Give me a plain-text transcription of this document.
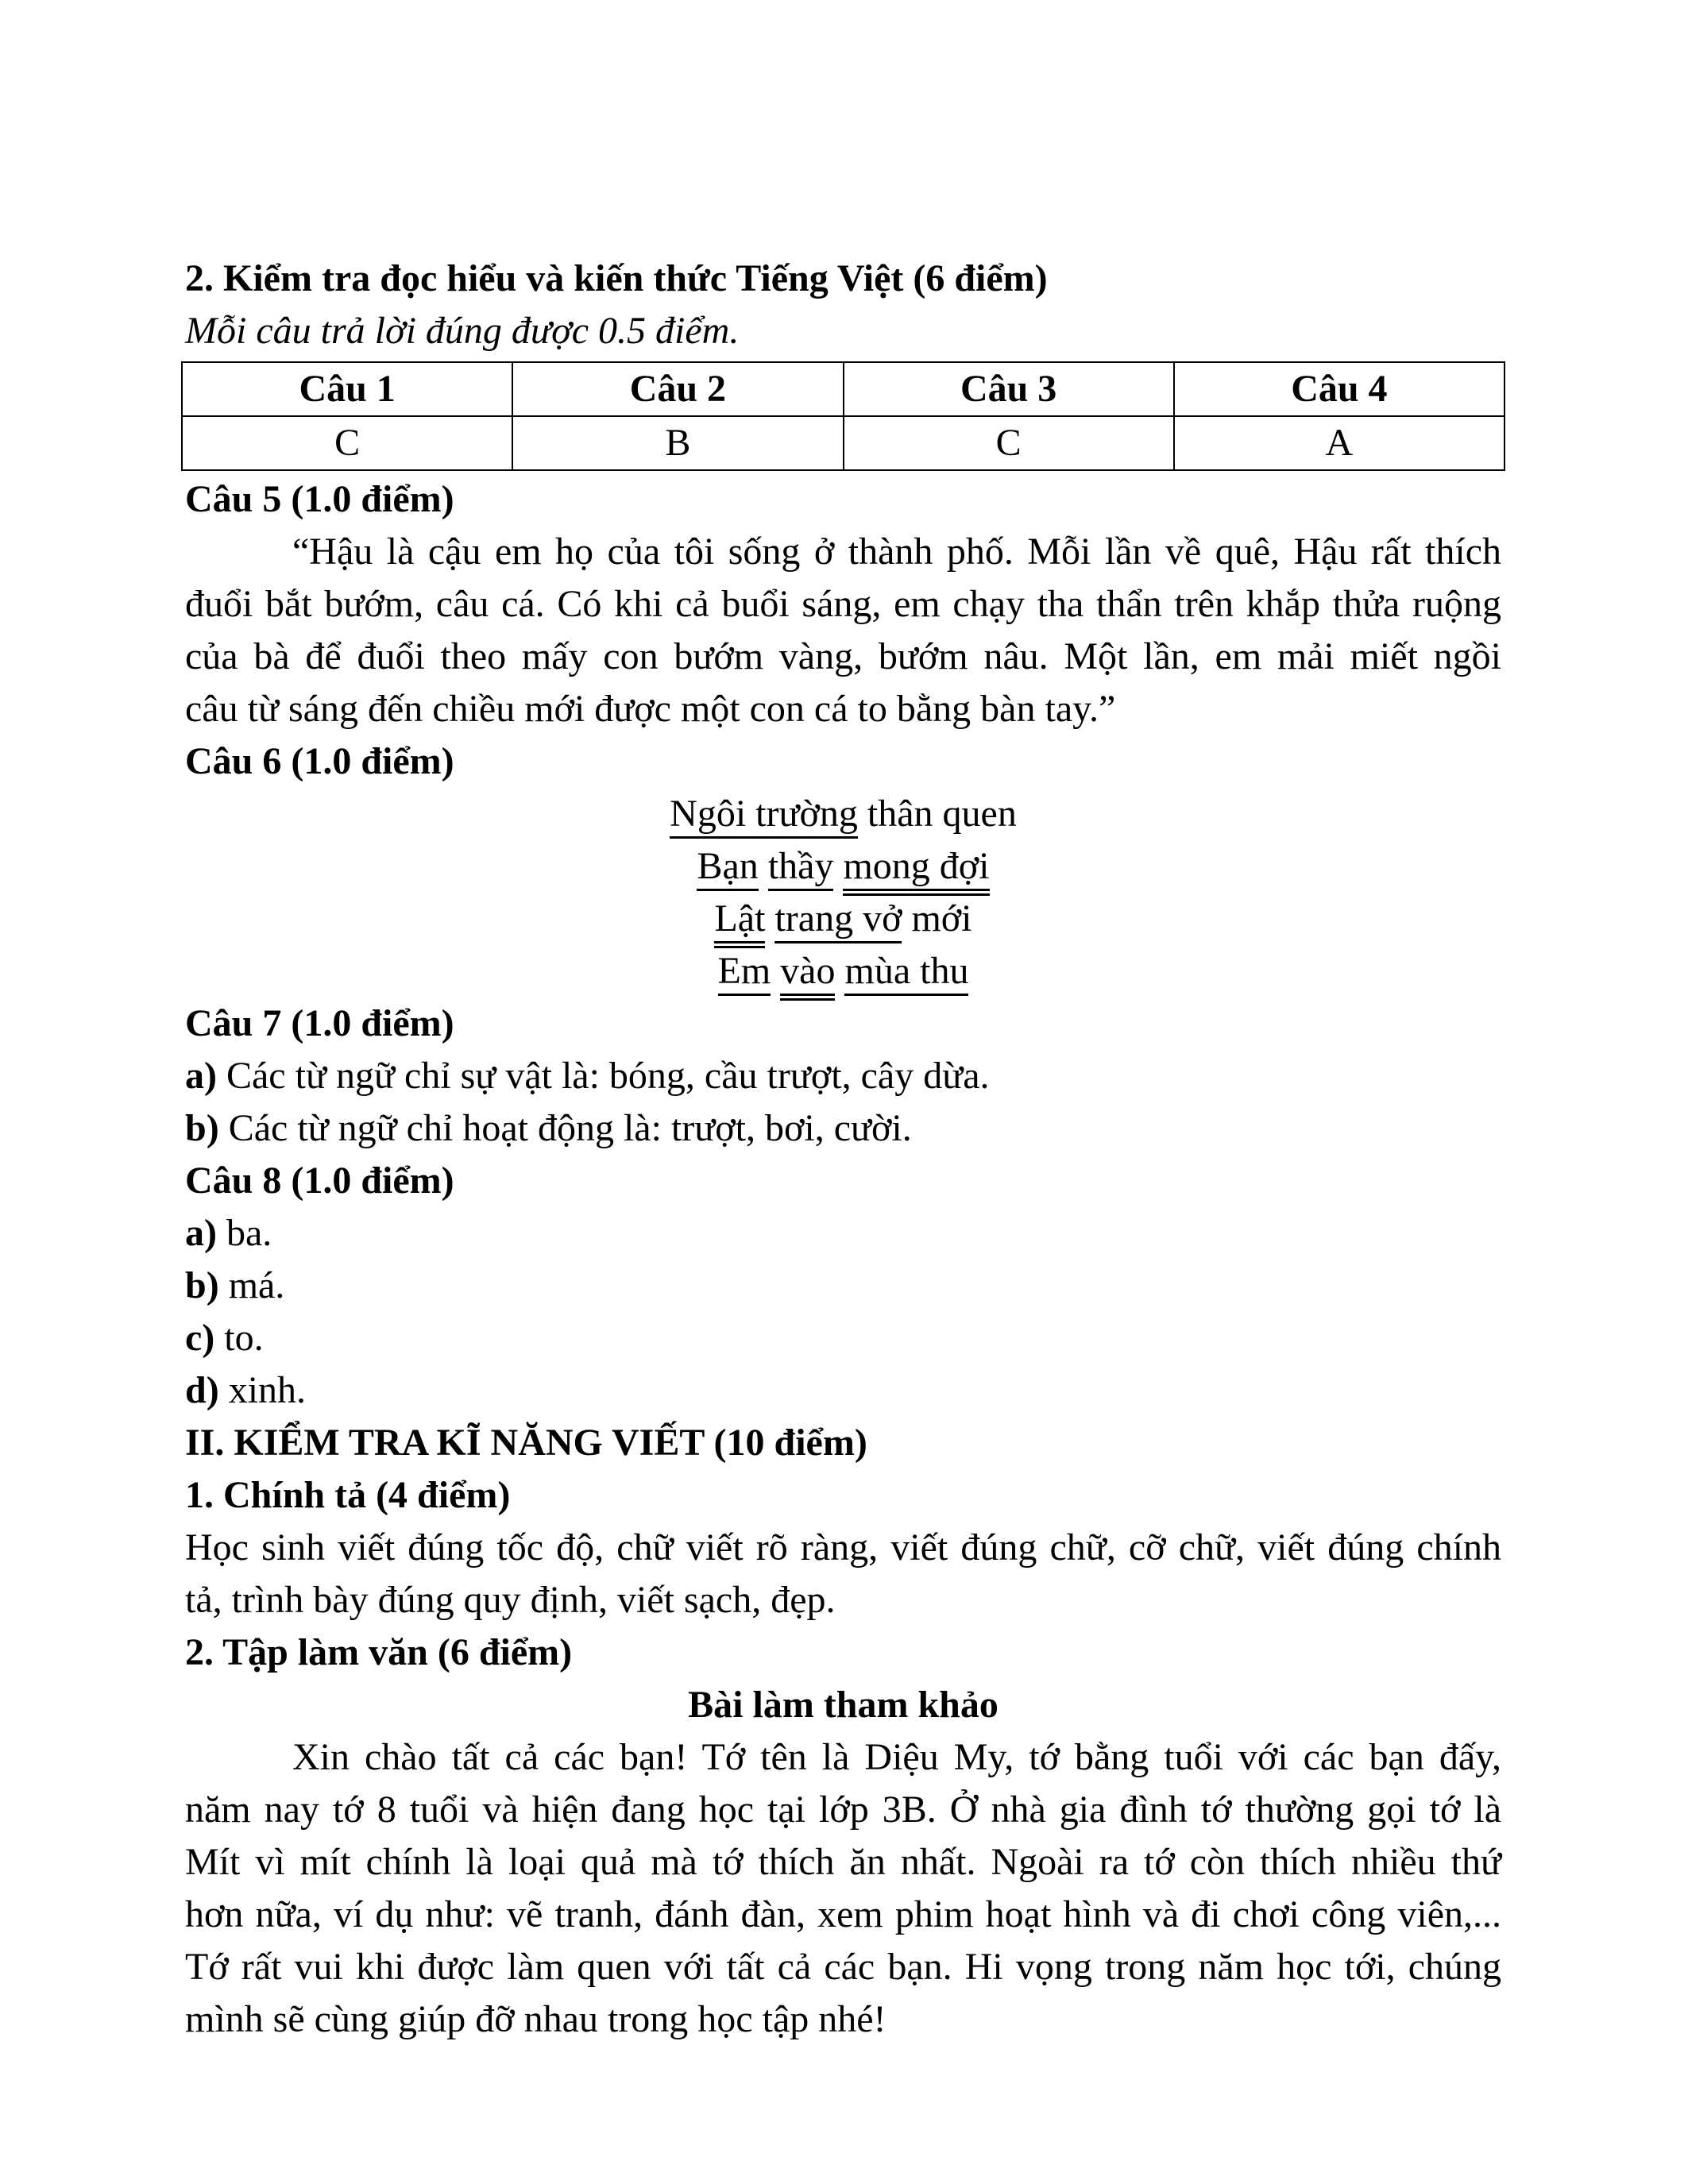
2. Kiểm tra đọc hiểu và kiến thức Tiếng Việt (6 điểm)
Mỗi câu trả lời đúng được 0.5 điểm.
Câu 1	Câu 2	Câu 3	Câu 4
C	B	C	A
Câu 5 (1.0 điểm)
“Hậu là cậu em họ của tôi sống ở thành phố. Mỗi lần về quê, Hậu rất thích
đuổi bắt bướm, câu cá. Có khi cả buổi sáng, em chạy tha thẩn trên khắp thửa ruộng
của bà để đuổi theo mấy con bướm vàng, bướm nâu. Một lần, em mải miết ngồi
câu từ sáng đến chiều mới được một con cá to bằng bàn tay.”
Câu 6 (1.0 điểm)
Ngôi trường thân quen
Bạn thầy mong đợi
Lật trang vở mới
Em vào mùa thu
Câu 7 (1.0 điểm)
a) Các từ ngữ chỉ sự vật là: bóng, cầu trượt, cây dừa.
b) Các từ ngữ chỉ hoạt động là: trượt, bơi, cười.
Câu 8 (1.0 điểm)
a) ba.
b) má.
c) to.
d) xinh.
II. KIỂM TRA KĨ NĂNG VIẾT (10 điểm)
1. Chính tả (4 điểm)
Học sinh viết đúng tốc độ, chữ viết rõ ràng, viết đúng chữ, cỡ chữ, viết đúng chính
tả, trình bày đúng quy định, viết sạch, đẹp.
2. Tập làm văn (6 điểm)
Bài làm tham khảo
Xin chào tất cả các bạn! Tớ tên là Diệu My, tớ bằng tuổi với các bạn đấy,
năm nay tớ 8 tuổi và hiện đang học tại lớp 3B. Ở nhà gia đình tớ thường gọi tớ là
Mít vì mít chính là loại quả mà tớ thích ăn nhất. Ngoài ra tớ còn thích nhiều thứ
hơn nữa, ví dụ như: vẽ tranh, đánh đàn, xem phim hoạt hình và đi chơi công viên,...
Tớ rất vui khi được làm quen với tất cả các bạn. Hi vọng trong năm học tới, chúng
mình sẽ cùng giúp đỡ nhau trong học tập nhé!
